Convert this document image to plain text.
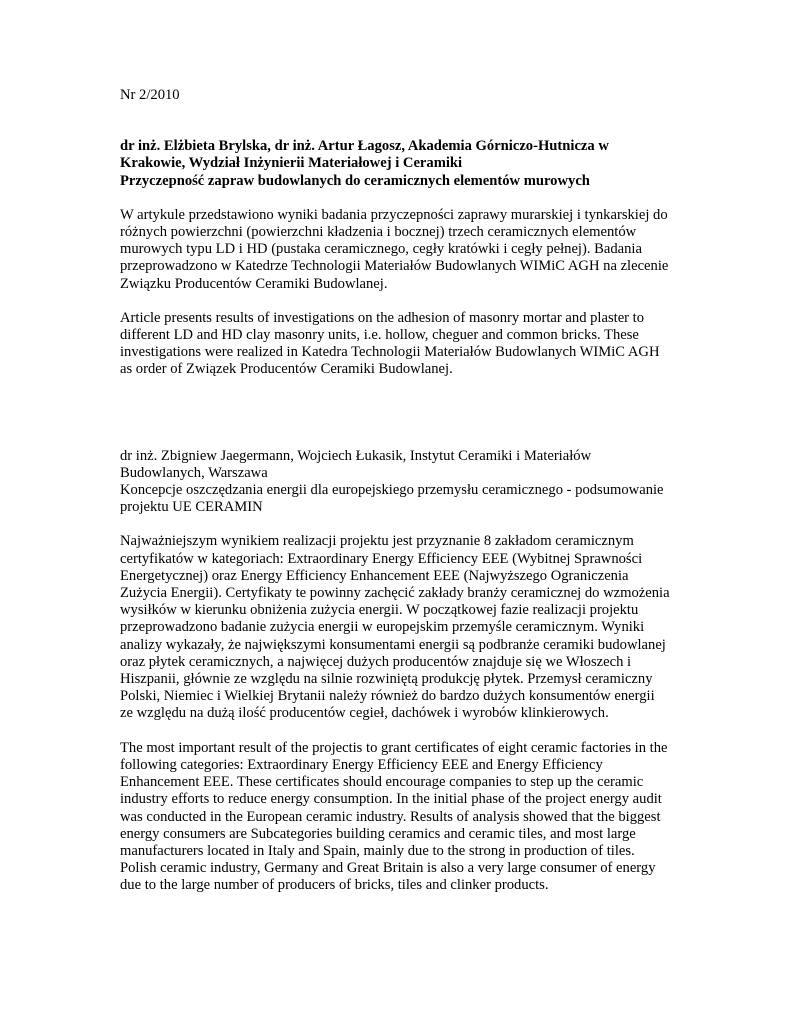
Nr 2/2010
dr inż. Elżbieta Brylska, dr inż. Artur Łagosz, Akademia Górniczo-Hutnicza w
Krakowie, Wydział Inżynierii Materiałowej i Ceramiki
Przyczepność zapraw budowlanych do ceramicznych elementów murowych
W artykule przedstawiono wyniki badania przyczepności zaprawy murarskiej i tynkarskiej do
różnych powierzchni (powierzchni kładzenia i bocznej) trzech ceramicznych elementów
murowych typu LD i HD (pustaka ceramicznego, cegły kratówki i cegły pełnej). Badania
przeprowadzono w Katedrze Technologii Materiałów Budowlanych WIMiC AGH na zlecenie
Związku Producentów Ceramiki Budowlanej.
Article presents results of investigations on the adhesion of masonry mortar and plaster to
different LD and HD clay masonry units, i.e. hollow, cheguer and common bricks. These
investigations were realized in Katedra Technologii Materiałów Budowlanych WIMiC AGH
as order of Związek Producentów Ceramiki Budowlanej.
dr inż. Zbigniew Jaegermann, Wojciech Łukasik, Instytut Ceramiki i Materiałów
Budowlanych, Warszawa
Koncepcje oszczędzania energii dla europejskiego przemysłu ceramicznego - podsumowanie
projektu UE CERAMIN
Najważniejszym wynikiem realizacji projektu jest przyznanie 8 zakładom ceramicznym
certyfikatów w kategoriach: Extraordinary Energy Efficiency EEE (Wybitnej Sprawności
Energetycznej) oraz Energy Efficiency Enhancement EEE (Najwyższego Ograniczenia
Zużycia Energii). Certyfikaty te powinny zachęcić zakłady branży ceramicznej do wzmożenia
wysiłków w kierunku obniżenia zużycia energii. W początkowej fazie realizacji projektu
przeprowadzono badanie zużycia energii w europejskim przemyśle ceramicznym. Wyniki
analizy wykazały, że największymi konsumentami energii są podbranże ceramiki budowlanej
oraz płytek ceramicznych, a najwięcej dużych producentów znajduje się we Włoszech i
Hiszpanii, głównie ze względu na silnie rozwiniętą produkcję płytek. Przemysł ceramiczny
Polski, Niemiec i Wielkiej Brytanii należy również do bardzo dużych konsumentów energii
ze względu na dużą ilość producentów cegieł, dachówek i wyrobów klinkierowych.
The most important result of the projectis to grant certificates of eight ceramic factories in the
following categories: Extraordinary Energy Efficiency EEE and Energy Efficiency
Enhancement EEE. These certificates should encourage companies to step up the ceramic
industry efforts to reduce energy consumption. In the initial phase of the project energy audit
was conducted in the European ceramic industry. Results of analysis showed that the biggest
energy consumers are Subcategories building ceramics and ceramic tiles, and most large
manufacturers located in Italy and Spain, mainly due to the strong in production of tiles.
Polish ceramic industry, Germany and Great Britain is also a very large consumer of energy
due to the large number of producers of bricks, tiles and clinker products.
